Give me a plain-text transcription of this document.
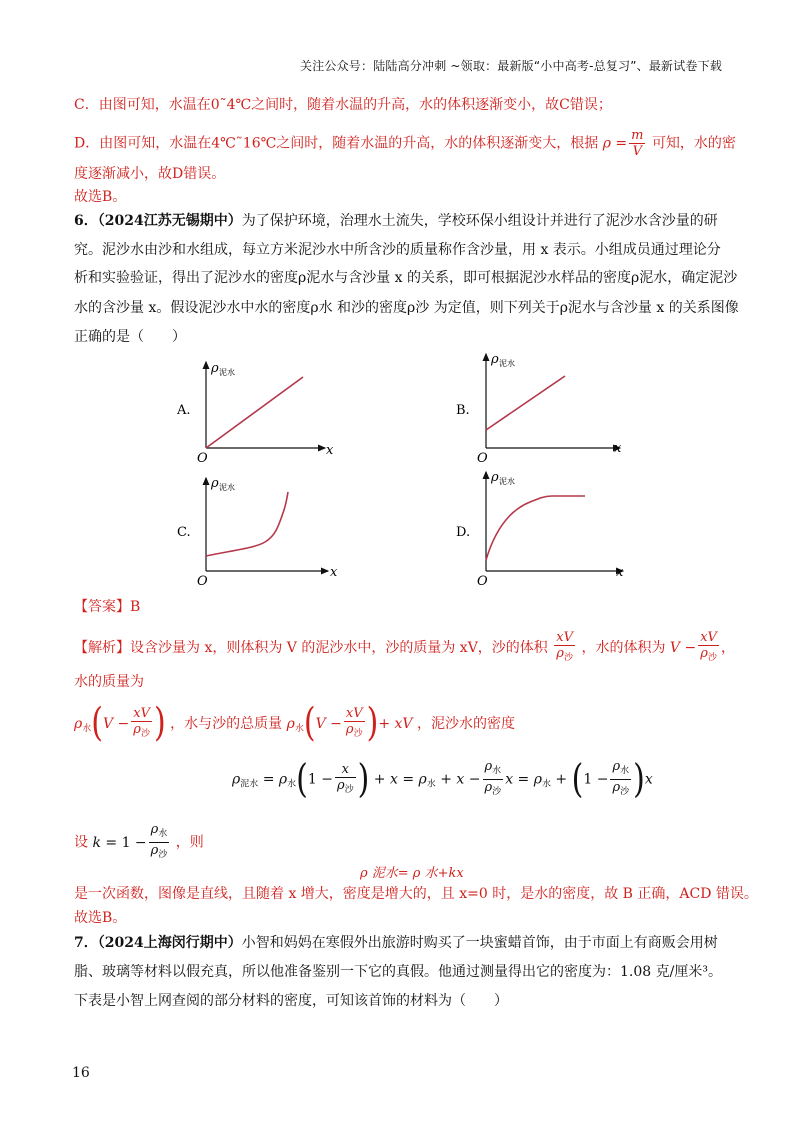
关注公众号：陆陆高分冲刺 ~领取：最新版“小中高考-总复习”、最新试卷下载
C．由图可知，水温在0˜4℃之间时，随着水温的升高，水的体积逐渐变小，故C错误；
D．由图可知，水温在4℃˜16℃之间时，随着水温的升高，水的体积逐渐变大，根据 $\rho = \frac{m}{V}$ 可知，水的密
度逐渐减小，故D错误。
故选B。
6．（2024江苏无锡期中）为了保护环境，治理水土流失，学校环保小组设计并进行了泥沙水含沙量的研
究。泥沙水由沙和水组成，每立方米泥沙水中所含沙的质量称作含沙量，用 x 表示。小组成员通过理论分
析和实验验证，得出了泥沙水的密度ρ泥水与含沙量 x 的关系，即可根据泥沙水样品的密度ρ泥水，确定泥沙
水的含沙量 x。假设泥沙水中水的密度ρ水 和沙的密度ρ沙 为定值，则下列关于ρ泥水与含沙量 x 的关系图像
正确的是（　　）
A.
ρ 泥水
x
O
B.
ρ 泥水
x
O
C.
ρ 泥水
x
O
D.
ρ 泥水
x
O
【答案】B
【解析】设含沙量为 x，则体积为 V 的泥沙水中，沙的质量为 xV，沙的体积 $\frac{xV}{\rho_沙}$ ，水的体积为 $V - \frac{xV}{\rho_沙}$ ，
水的质量为
$\rho_水(V - \frac{xV}{\rho_沙}$ ) ，水与沙的总质量 $\rho_水(V - \frac{xV}{\rho_沙}$ )+ xV ，泥沙水的密度
$\rho_{泥水} = \rho_水(1 - \frac{x}{\rho_沙}$ ) + $x = \rho_水 + x - \frac{\rho_水}{\rho_沙}$ $x = \rho_水 + (1 - \frac{\rho_水}{\rho_沙} )x$
设 $k = 1 - \frac{\rho_水}{\rho_沙}$ ，则
ρ 泥水= ρ 水+kx
是一次函数，图像是直线，且随着 x 增大，密度是增大的，且 x=0 时，是水的密度，故 B 正确，ACD 错误。
故选B。
7．（2024上海闵行期中）小智和妈妈在寒假外出旅游时购买了一块蜜蜡首饰，由于市面上有商贩会用树
脂、玻璃等材料以假充真，所以他准备鉴别一下它的真假。他通过测量得出它的密度为：1.08 克/厘米³。
下表是小智上网查阅的部分材料的密度，可知该首饰的材料为（　　）
16
